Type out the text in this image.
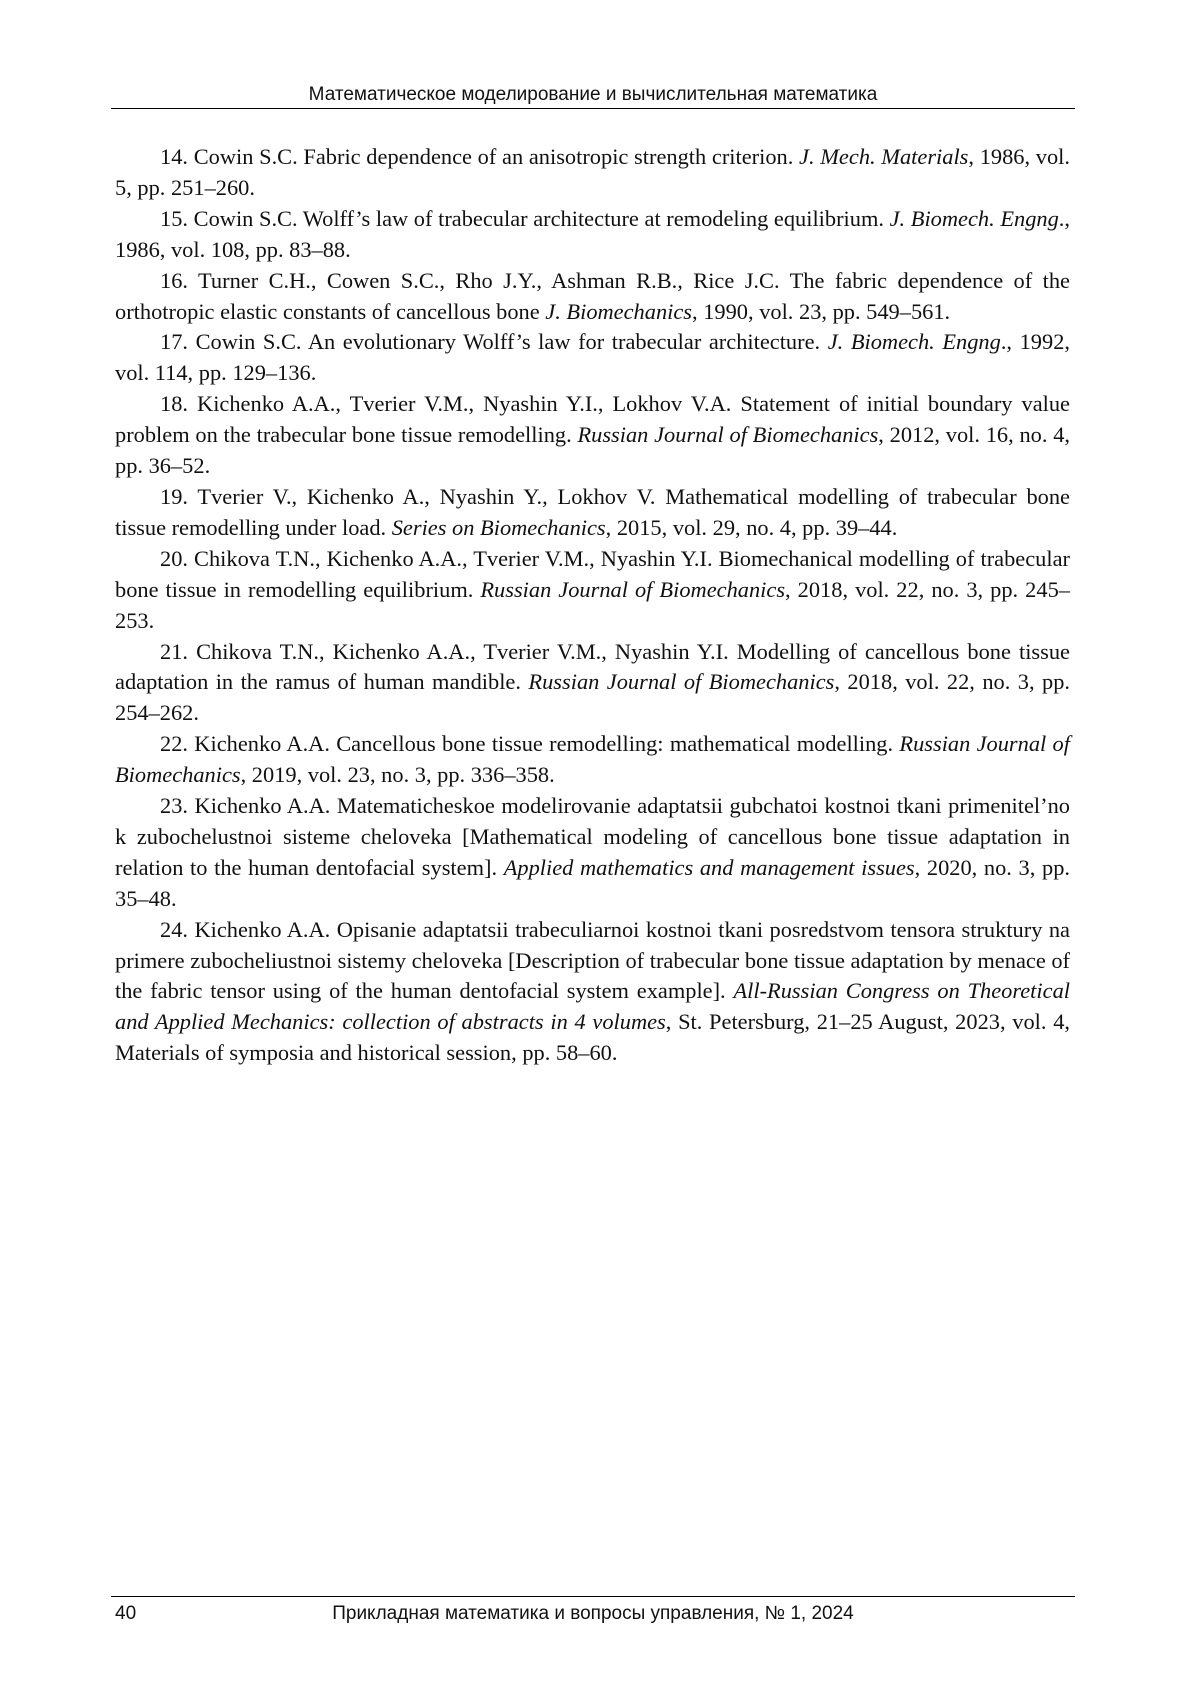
Математическое моделирование и вычислительная математика

14. Cowin S.C. Fabric dependence of an anisotropic strength criterion. J. Mech. Materials, 1986, vol. 5, pp. 251–260.

15. Cowin S.C. Wolff’s law of trabecular architecture at remodeling equilibrium. J. Biomech. Engng., 1986, vol. 108, pp. 83–88.

16. Turner C.H., Cowen S.C., Rho J.Y., Ashman R.B., Rice J.C. The fabric dependence of the orthotropic elastic constants of cancellous bone J. Biomechanics, 1990, vol. 23, pp. 549–561.

17. Cowin S.C. An evolutionary Wolff’s law for trabecular architecture. J. Biomech. Engng., 1992, vol. 114, pp. 129–136.

18. Kichenko A.A., Tverier V.M., Nyashin Y.I., Lokhov V.A. Statement of initial boundary value problem on the trabecular bone tissue remodelling. Russian Journal of Biomechanics, 2012, vol. 16, no. 4, pp. 36–52.

19. Tverier V., Kichenko A., Nyashin Y., Lokhov V. Mathematical modelling of trabecular bone tissue remodelling under load. Series on Biomechanics, 2015, vol. 29, no. 4, pp. 39–44.

20. Chikova T.N., Kichenko A.A., Tverier V.M., Nyashin Y.I. Biomechanical modelling of trabecular bone tissue in remodelling equilibrium. Russian Journal of Biomechanics, 2018, vol. 22, no. 3, pp. 245–253.

21. Chikova T.N., Kichenko A.A., Tverier V.M., Nyashin Y.I. Modelling of cancellous bone tissue adaptation in the ramus of human mandible. Russian Journal of Biomechanics, 2018, vol. 22, no. 3, pp. 254–262.

22. Kichenko A.A. Cancellous bone tissue remodelling: mathematical modelling. Russian Journal of Biomechanics, 2019, vol. 23, no. 3, pp. 336–358.

23. Kichenko A.A. Matematicheskoe modelirovanie adaptatsii gubchatoi kostnoi tkani primenitel’no k zubochelustnoi sisteme cheloveka [Mathematical modeling of cancellous bone tissue adaptation in relation to the human dentofacial system]. Applied mathematics and management issues, 2020, no. 3, pp. 35–48.

24. Kichenko A.A. Opisanie adaptatsii trabeculiarnoi kostnoi tkani posredstvom tensora struktury na primere zubocheliustnoi sistemy cheloveka [Description of trabecular bone tissue adaptation by menace of the fabric tensor using of the human dentofacial system example]. All-Russian Congress on Theoretical and Applied Mechanics: collection of abstracts in 4 volumes, St. Petersburg, 21–25 August, 2023, vol. 4, Materials of symposia and historical session, pp. 58–60.

40	Прикладная математика и вопросы управления, № 1, 2024
